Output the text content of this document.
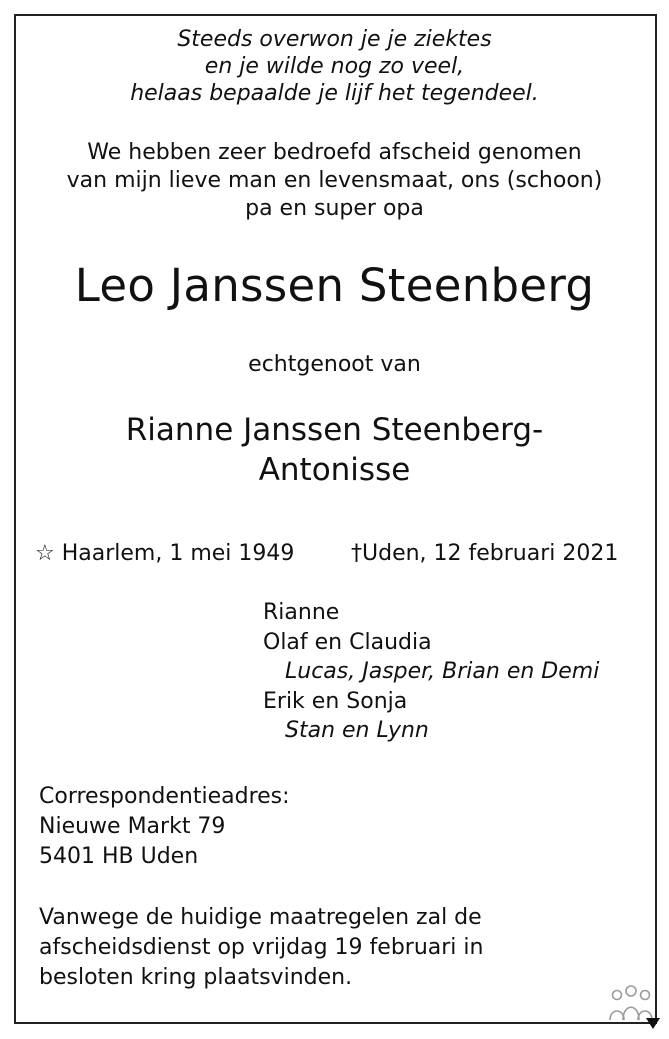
Steeds overwon je je ziektes
en je wilde nog zo veel,
helaas bepaalde je lijf het tegendeel.
We hebben zeer bedroefd afscheid genomen
van mijn lieve man en levensmaat, ons (schoon)
pa en super opa
Leo Janssen Steenberg
echtgenoot van
Rianne Janssen Steenberg-
Antonisse
☆ Haarlem, 1 mei 1949	†Uden, 12 februari 2021
Rianne
Olaf en Claudia
Lucas, Jasper, Brian en Demi
Erik en Sonja
Stan en Lynn
Correspondentieadres:
Nieuwe Markt 79
5401 HB Uden
Vanwege de huidige maatregelen zal de
afscheidsdienst op vrijdag 19 februari in
besloten kring plaatsvinden.
